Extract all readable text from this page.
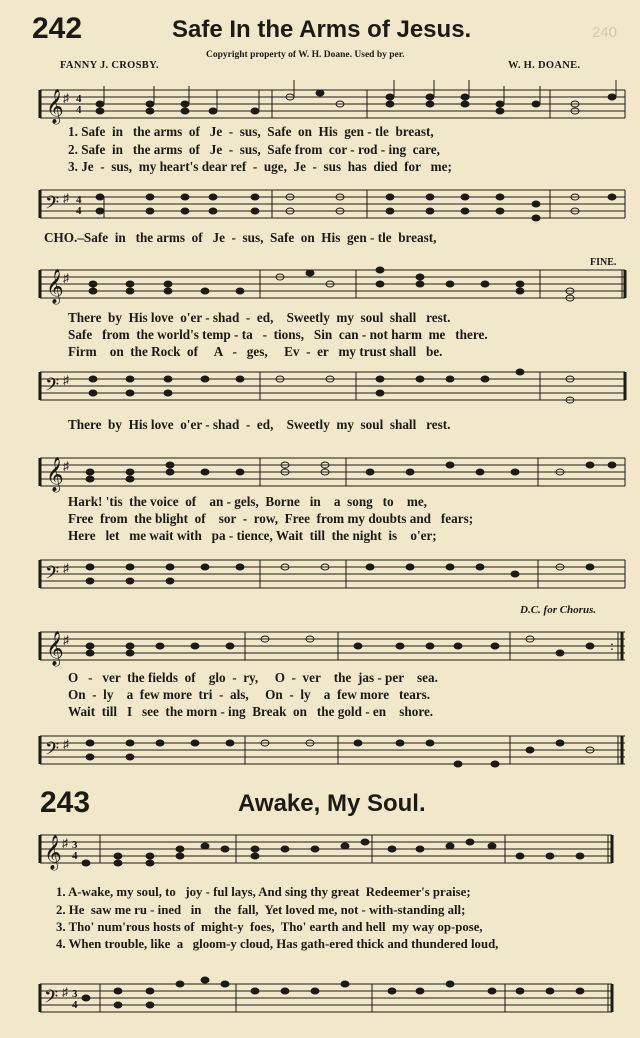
242	Safe In the Arms of Jesus.
Copyright property of W. H. Doane. Used by per.
FANNY J. CROSBY.	W. H. DOANE.
240
𝄞 ♯ 4
4
1. Safe  in   the arms  of   Je  -  sus,  Safe  on  His  gen - tle  breast,
2. Safe  in   the arms  of   Je  -  sus,  Safe from  cor - rod - ing  care,
3. Je  -  sus,  my heart's dear ref  -  uge,  Je  -  sus  has  died  for   me;
𝄢 ♯ 4
4
CHO.–Safe  in   the arms  of   Je  -  sus,  Safe  on  His  gen - tle  breast,
FINE.
𝄞 ♯
There  by  His love  o'er - shad  -  ed,    Sweetly  my  soul  shall   rest.
Safe   from  the world's temp - ta   -  tions,   Sin  can - not harm  me   there.
Firm    on  the Rock  of     A   -   ges,     Ev  -  er   my trust shall   be.
𝄢 ♯
There  by  His love  o'er - shad  -  ed,    Sweetly  my  soul  shall   rest.
𝄞 ♯
Hark! 'tis  the voice  of    an - gels,  Borne   in    a  song   to    me,
Free  from  the blight  of    sor  -  row,  Free  from my doubts and   fears;
Here   let   me wait with   pa - tience, Wait  till  the night  is    o'er;
𝄢 ♯
D.C. for Chorus.
𝄞 ♯	:
O   -   ver  the fields  of    glo  -  ry,     O  -  ver    the  jas - per    sea.
On  -  ly    a  few more  tri  -  als,     On  -  ly    a  few more   tears.
Wait  till   I   see  the morn - ing  Break  on   the gold - en    shore.
𝄢 ♯
243	Awake, My Soul.
𝄞 ♯ 3
4
1. A-wake, my soul, to   joy - ful lays, And sing thy great  Redeemer's praise;
2. He  saw me ru - ined   in    the  fall,  Yet loved me, not - with-standing all;
3. Tho' num'rous hosts of  might-y  foes,  Tho' earth and hell  my way op-pose,
4. When trouble, like  a   gloom-y cloud, Has gath-ered thick and thundered loud,
𝄢 ♯ 3
4
